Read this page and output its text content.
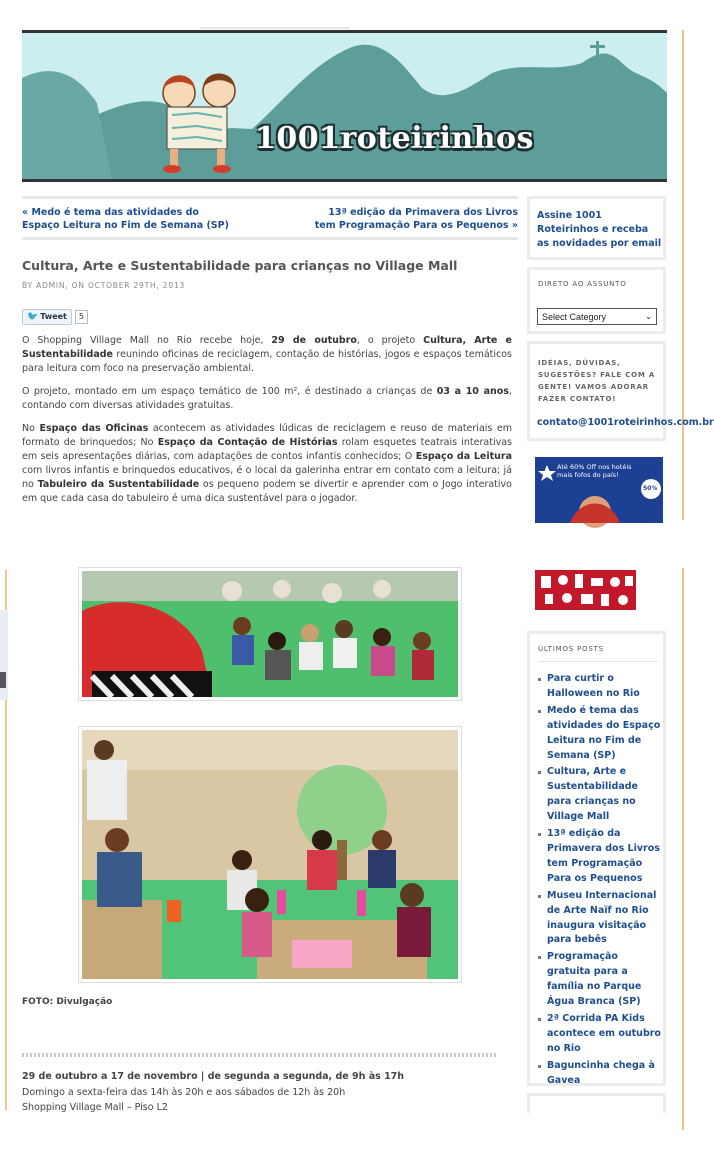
1001roteirinhos
« Medo é tema das atividades do Espaço Leitura no Fim de Semana (SP)
13ª edição da Primavera dos Livros tem Programação Para os Pequenos »
Cultura, Arte e Sustentabilidade para crianças no Village Mall
BY ADMIN, ON OCTOBER 29TH, 2013
🐦 Tweet	5
O Shopping Village Mall no Rio recebe hoje, 29 de outubro, o projeto Cultura, Arte e Sustentabilidade reunindo oficinas de reciclagem, contação de histórias, jogos e espaços temáticos para leitura com foco na preservação ambiental.
O projeto, montado em um espaço temático de 100 m², é destinado a crianças de 03 a 10 anos, contando com diversas atividades gratuitas.
No Espaço das Oficinas acontecem as atividades lúdicas de reciclagem e reuso de materiais em formato de brinquedos; No Espaço da Contação de Histórias rolam esquetes teatrais interativas em seis apresentações diárias, com adaptações de contos infantis conhecidos; O Espaço da Leitura com livros infantis e brinquedos educativos, é o local da galerinha entrar em contato com a leitura; já no Tabuleiro da Sustentabilidade os pequeno podem se divertir e aprender com o Jogo interativo em que cada casa do tabuleiro é uma dica sustentável para o jogador.
Até 60% Off nos hotéis mais fofos do país!
50%
FOTO: Divulgação
29 de outubro a 17 de novembro | de segunda a segunda, de 9h às 17h
Domingo a sexta-feira das 14h às 20h e aos sábados de 12h às 20h
Shopping Village Mall – Piso L2
Assine 1001 Roteirinhos e receba as novidades por email
DIRETO AO ASSUNTO
Select Category	⌄
IDÉIAS, DÚVIDAS, SUGESTÕES? FALE COM A GENTE! VAMOS ADORAR FAZER CONTATO!
contato@1001roteirinhos.com.br
ÚLTIMOS POSTS
Para curtir o Halloween no Rio
Medo é tema das atividades do Espaço Leitura no Fim de Semana (SP)
Cultura, Arte e Sustentabilidade para crianças no Village Mall
13ª edição da Primavera dos Livros tem Programação Para os Pequenos
Museu Internacional de Arte Naïf no Rio inaugura visitação para bebês
Programação gratuita para a família no Parque Água Branca (SP)
2ª Corrida PA Kids acontece em outubro no Rio
Baguncinha chega à Gavea
